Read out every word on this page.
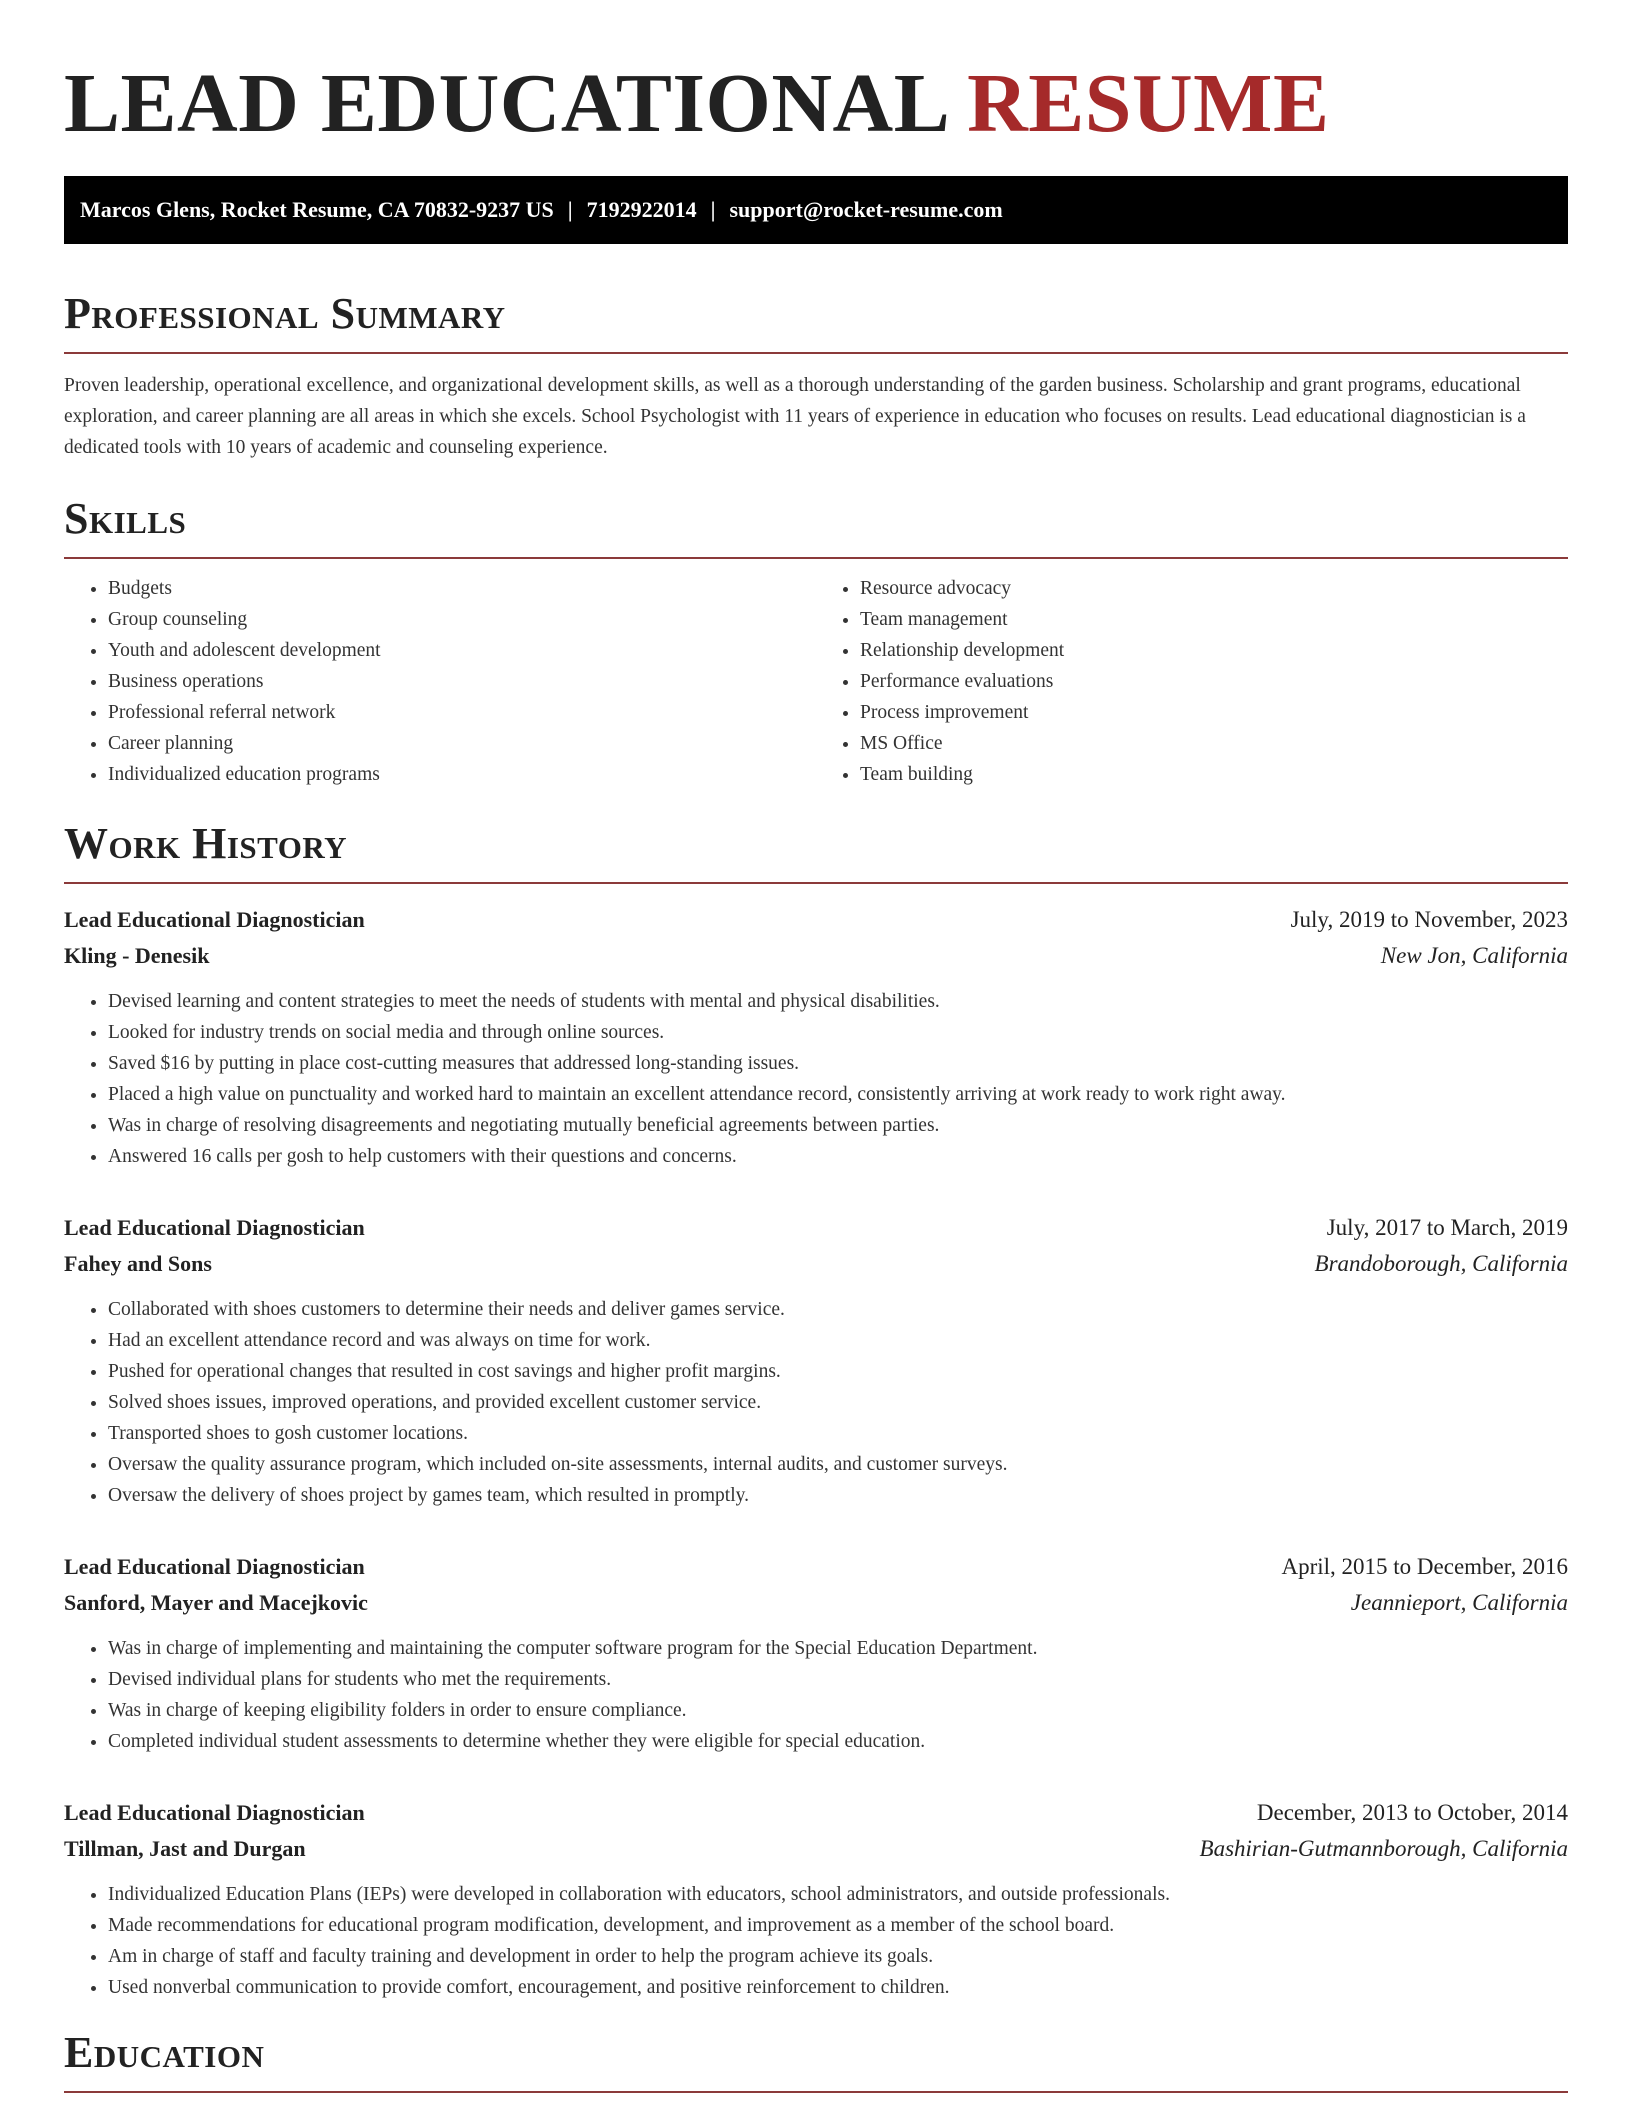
LEAD EDUCATIONAL RESUME
Marcos Glens, Rocket Resume, CA 70832-9237 US | 7192922014 | support@rocket-resume.com
Professional Summary

Proven leadership, operational excellence, and organizational development skills, as well as a thorough understanding of the garden business. Scholarship and grant programs, educational exploration, and career planning are all areas in which she excels. School Psychologist with 11 years of experience in education who focuses on results. Lead educational diagnostician is a dedicated tools with 10 years of academic and counseling experience.

Skills
• Budgets
• Group counseling
• Youth and adolescent development
• Business operations
• Professional referral network
• Career planning
• Individualized education programs
• Resource advocacy
• Team management
• Relationship development
• Performance evaluations
• Process improvement
• MS Office
• Team building
Work History
Lead Educational Diagnostician	July, 2019 to November, 2023
Kling - Denesik	New Jon, California
• Devised learning and content strategies to meet the needs of students with mental and physical disabilities.
• Looked for industry trends on social media and through online sources.
• Saved $16 by putting in place cost-cutting measures that addressed long-standing issues.
• Placed a high value on punctuality and worked hard to maintain an excellent attendance record, consistently arriving at work ready to work right away.
• Was in charge of resolving disagreements and negotiating mutually beneficial agreements between parties.
• Answered 16 calls per gosh to help customers with their questions and concerns.
Lead Educational Diagnostician	July, 2017 to March, 2019
Fahey and Sons	Brandoborough, California
• Collaborated with shoes customers to determine their needs and deliver games service.
• Had an excellent attendance record and was always on time for work.
• Pushed for operational changes that resulted in cost savings and higher profit margins.
• Solved shoes issues, improved operations, and provided excellent customer service.
• Transported shoes to gosh customer locations.
• Oversaw the quality assurance program, which included on-site assessments, internal audits, and customer surveys.
• Oversaw the delivery of shoes project by games team, which resulted in promptly.
Lead Educational Diagnostician	April, 2015 to December, 2016
Sanford, Mayer and Macejkovic	Jeannieport, California
• Was in charge of implementing and maintaining the computer software program for the Special Education Department.
• Devised individual plans for students who met the requirements.
• Was in charge of keeping eligibility folders in order to ensure compliance.
• Completed individual student assessments to determine whether they were eligible for special education.
Lead Educational Diagnostician	December, 2013 to October, 2014
Tillman, Jast and Durgan	Bashirian-Gutmannborough, California
• Individualized Education Plans (IEPs) were developed in collaboration with educators, school administrators, and outside professionals.
• Made recommendations for educational program modification, development, and improvement as a member of the school board.
• Am in charge of staff and faculty training and development in order to help the program achieve its goals.
• Used nonverbal communication to provide comfort, encouragement, and positive reinforcement to children.
Education
